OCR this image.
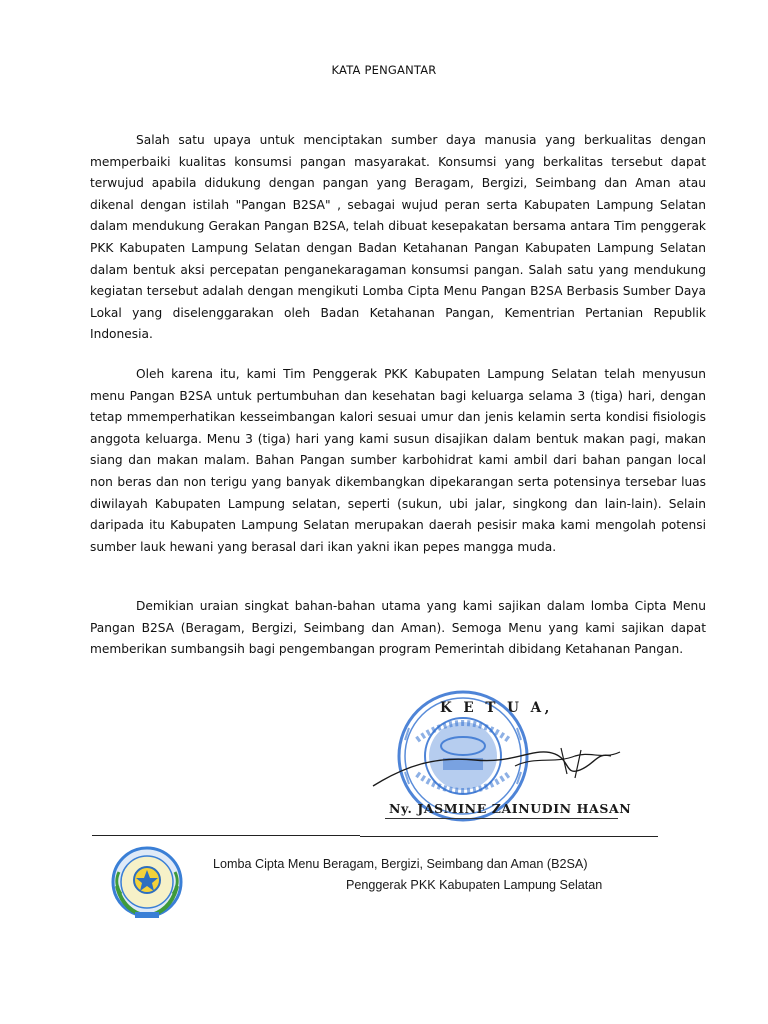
KATA PENGANTAR

Salah satu upaya untuk menciptakan sumber daya manusia yang berkualitas dengan memperbaiki kualitas konsumsi pangan masyarakat. Konsumsi yang berkalitas tersebut dapat terwujud apabila didukung dengan pangan yang Beragam, Bergizi, Seimbang dan Aman atau dikenal dengan istilah "Pangan B2SA" , sebagai wujud peran serta Kabupaten Lampung Selatan dalam mendukung Gerakan Pangan B2SA, telah dibuat kesepakatan bersama antara Tim penggerak PKK Kabupaten Lampung Selatan dengan Badan Ketahanan Pangan Kabupaten Lampung Selatan dalam bentuk aksi percepatan penganekaragaman konsumsi pangan. Salah satu yang mendukung kegiatan tersebut adalah dengan mengikuti Lomba Cipta Menu Pangan B2SA Berbasis Sumber Daya Lokal yang diselenggarakan oleh Badan Ketahanan Pangan, Kementrian Pertanian Republik Indonesia.

Oleh karena itu, kami Tim Penggerak PKK Kabupaten Lampung Selatan telah menyusun menu Pangan B2SA untuk pertumbuhan dan kesehatan bagi keluarga selama 3 (tiga) hari, dengan tetap mmemperhatikan kesseimbangan kalori sesuai umur dan jenis kelamin serta kondisi fisiologis anggota keluarga. Menu 3 (tiga) hari yang kami susun disajikan dalam bentuk makan pagi, makan siang dan makan malam. Bahan Pangan sumber karbohidrat kami ambil dari bahan pangan local non beras dan non terigu yang banyak dikembangkan dipekarangan serta potensinya tersebar luas diwilayah Kabupaten Lampung selatan, seperti (sukun, ubi jalar, singkong dan lain-lain). Selain daripada itu Kabupaten Lampung Selatan merupakan daerah pesisir maka kami mengolah potensi sumber lauk hewani yang berasal dari ikan yakni ikan pepes mangga muda.

Demikian uraian singkat bahan-bahan utama yang kami sajikan dalam lomba Cipta Menu Pangan B2SA (Beragam, Bergizi, Seimbang dan Aman). Semoga Menu yang kami sajikan dapat memberikan sumbangsih bagi pengembangan program Pemerintah dibidang Ketahanan Pangan.

K E T U A,
Ny. JASMINE ZAINUDIN HASAN
Lomba Cipta Menu Beragam, Bergizi, Seimbang dan Aman (B2SA)
Penggerak PKK Kabupaten Lampung Selatan
